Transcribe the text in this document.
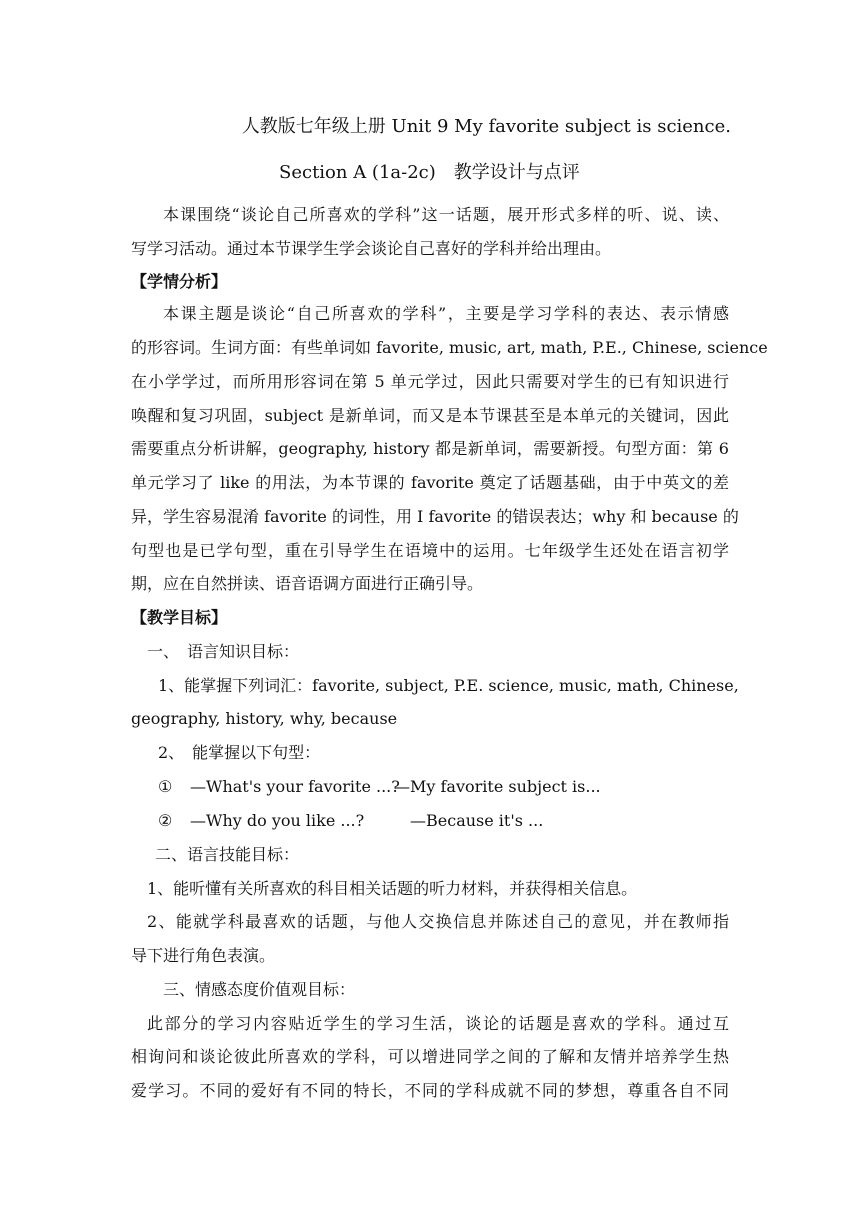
人教版七年级上册 Unit 9 My favorite subject is science.
Section A (1a-2c)　教学设计与点评
本课围绕“谈论自己所喜欢的学科”这一话题，展开形式多样的听、说、读、
写学习活动。通过本节课学生学会谈论自己喜好的学科并给出理由。
【学情分析】
本课主题是谈论“自己所喜欢的学科”，主要是学习学科的表达、表示情感
的形容词。生词方面：有些单词如 favorite, music, art, math, P.E., Chinese, science
在小学学过，而所用形容词在第 5 单元学过，因此只需要对学生的已有知识进行
唤醒和复习巩固，subject 是新单词，而又是本节课甚至是本单元的关键词，因此
需要重点分析讲解，geography, history 都是新单词，需要新授。句型方面：第 6
单元学习了 like 的用法，为本节课的 favorite 奠定了话题基础，由于中英文的差
异，学生容易混淆 favorite 的词性，用 I favorite 的错误表达；why 和 because 的
句型也是已学句型，重在引导学生在语境中的运用。七年级学生还处在语言初学
期，应在自然拼读、语音语调方面进行正确引导。
【教学目标】
一、　语言知识目标：
1、能掌握下列词汇：favorite, subject, P.E. science, music, math, Chinese,
geography, history, why, because
2、　能掌握以下句型：
① —What's your favorite ...?
—My favorite subject is...
② —Why do you like ...?	—Because it's ...
二、语言技能目标：
1、能听懂有关所喜欢的科目相关话题的听力材料，并获得相关信息。
2、能就学科最喜欢的话题，与他人交换信息并陈述自己的意见，并在教师指
导下进行角色表演。
三、情感态度价值观目标：
此部分的学习内容贴近学生的学习生活，谈论的话题是喜欢的学科。通过互
相询问和谈论彼此所喜欢的学科，可以增进同学之间的了解和友情并培养学生热
爱学习。不同的爱好有不同的特长，不同的学科成就不同的梦想，尊重各自不同
